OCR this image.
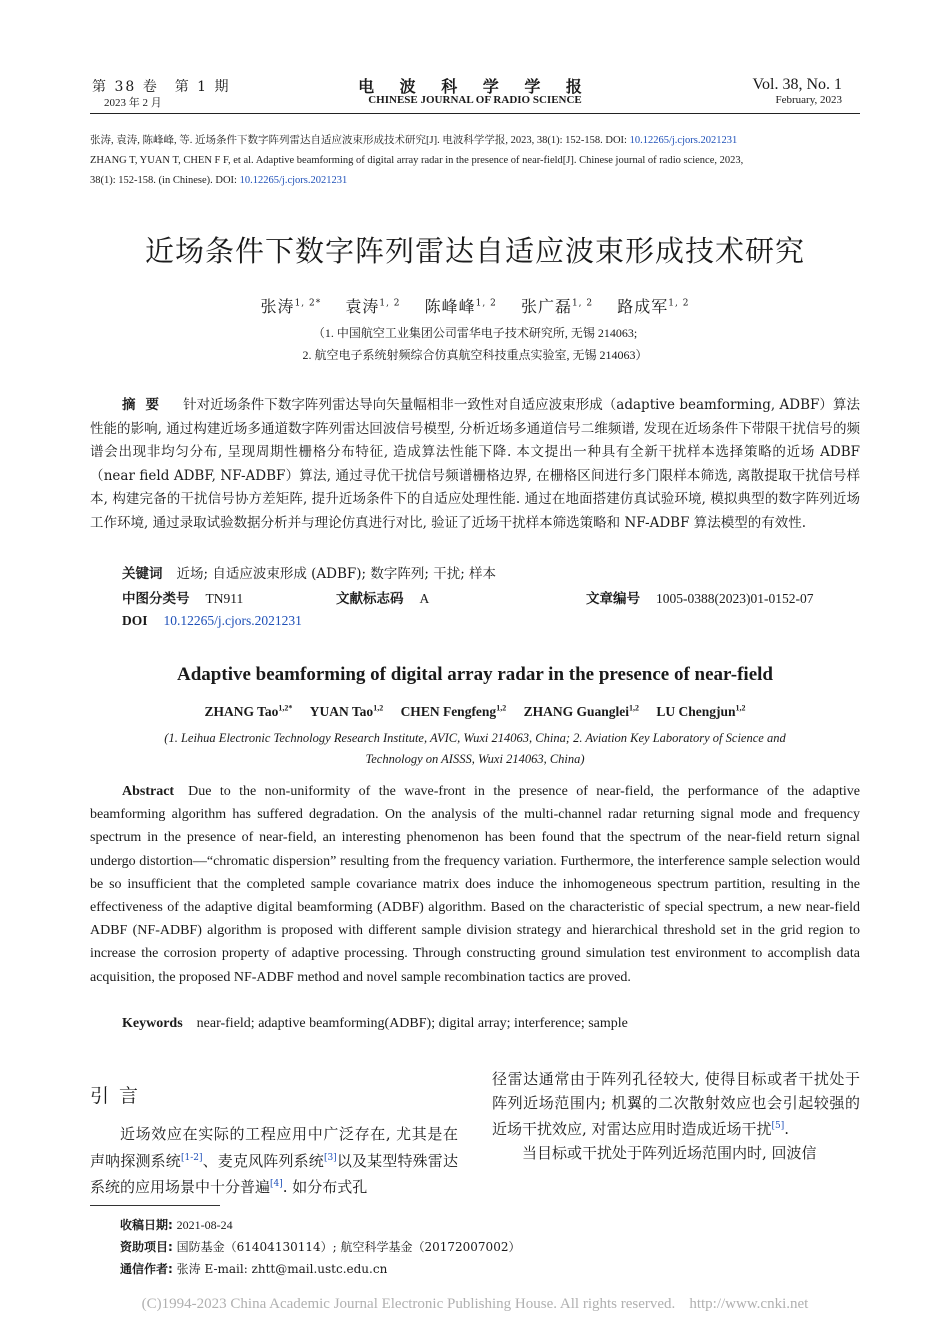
第 38 卷　第 1 期
2023 年 2 月
电 波 科 学 学 报
CHINESE JOURNAL OF RADIO SCIENCE
Vol. 38, No. 1
February, 2023

张涛, 袁涛, 陈峰峰, 等. 近场条件下数字阵列雷达自适应波束形成技术研究[J]. 电波科学学报, 2023, 38(1): 152-158. DOI: 10.12265/j.cjors.2021231

ZHANG T, YUAN T, CHEN F F, et al. Adaptive beamforming of digital array radar in the presence of near-field[J]. Chinese journal of radio science, 2023,

38(1): 152-158. (in Chinese). DOI: 10.12265/j.cjors.2021231

近场条件下数字阵列雷达自适应波束形成技术研究
张涛$^{1, 2*}$ 袁涛$^{1, 2}$ 陈峰峰$^{1, 2}$ 张广磊$^{1, 2}$ 路成军$^{1, 2}$
（1. 中国航空工业集团公司雷华电子技术研究所, 无锡 214063;
2. 航空电子系统射频综合仿真航空科技重点实验室, 无锡 214063）
摘要 针对近场条件下数字阵列雷达导向矢量幅相非一致性对自适应波束形成（adaptive beamforming, ADBF）算法性能的影响, 通过构建近场多通道数字阵列雷达回波信号模型, 分析近场多通道信号二维频谱, 发现在近场条件下带限干扰信号的频谱会出现非均匀分布, 呈现周期性栅格分布特征, 造成算法性能下降. 本文提出一种具有全新干扰样本选择策略的近场 ADBF（near field ADBF, NF-ADBF）算法, 通过寻优干扰信号频谱栅格边界, 在栅格区间进行多门限样本筛选, 离散提取干扰信号样本, 构建完备的干扰信号协方差矩阵, 提升近场条件下的自适应处理性能. 通过在地面搭建仿真试验环境, 模拟典型的数字阵列近场工作环境, 通过录取试验数据分析并与理论仿真进行对比, 验证了近场干扰样本筛选策略和 NF-ADBF 算法模型的有效性.
关键词 近场; 自适应波束形成 (ADBF); 数字阵列; 干扰; 样本
中图分类号 TN911	文献标志码 A	文章编号 1005-0388(2023)01-0152-07
DOI 10.12265/j.cjors.2021231
Adaptive beamforming of digital array radar in the presence of near-field
ZHANG Tao$^{1,2*}$ YUAN Tao$^{1,2}$ CHEN Fengfeng$^{1,2}$ ZHANG Guanglei$^{1,2}$ LU Chengjun$^{1,2}$
(1. Leihua Electronic Technology Research Institute, AVIC, Wuxi 214063, China; 2. Aviation Key Laboratory of Science and
Technology on AISSS, Wuxi 214063, China)
Abstract Due to the non-uniformity of the wave-front in the presence of near-field, the performance of the adaptive beamforming algorithm has suffered degradation. On the analysis of the multi-channel radar returning signal mode and frequency spectrum in the presence of near-field, an interesting phenomenon has been found that the spectrum of the near-field return signal undergo distortion—“chromatic dispersion” resulting from the frequency variation. Furthermore, the interference sample selection would be so insufficient that the completed sample covariance matrix does induce the inhomogeneous spectrum partition, resulting in the effectiveness of the adaptive digital beamforming (ADBF) algorithm. Based on the characteristic of special spectrum, a new near-field ADBF (NF-ADBF) algorithm is proposed with different sample division strategy and hierarchical threshold set in the grid region to increase the corrosion property of adaptive processing. Through constructing ground simulation test environment to accomplish data acquisition, the proposed NF-ADBF method and novel sample recombination tactics are proved.
Keywords near-field; adaptive beamforming(ADBF); digital array; interference; sample
引言

近场效应在实际的工程应用中广泛存在, 尤其是在声呐探测系统[1-2]、麦克风阵列系统[3]以及某型特殊雷达系统的应用场景中十分普遍[4]. 如分布式孔

径雷达通常由于阵列孔径较大, 使得目标或者干扰处于阵列近场范围内; 机翼的二次散射效应也会引起较强的近场干扰效应, 对雷达应用时造成近场干扰[5].

当目标或干扰处于阵列近场范围内时, 回波信

收稿日期: 2021-08-24
资助项目: 国防基金（61404130114）; 航空科学基金（20172007002）
通信作者: 张涛 E-mail: zhtt@mail.ustc.edu.cn
(C)1994-2023 China Academic Journal Electronic Publishing House. All rights reserved. http://www.cnki.net
